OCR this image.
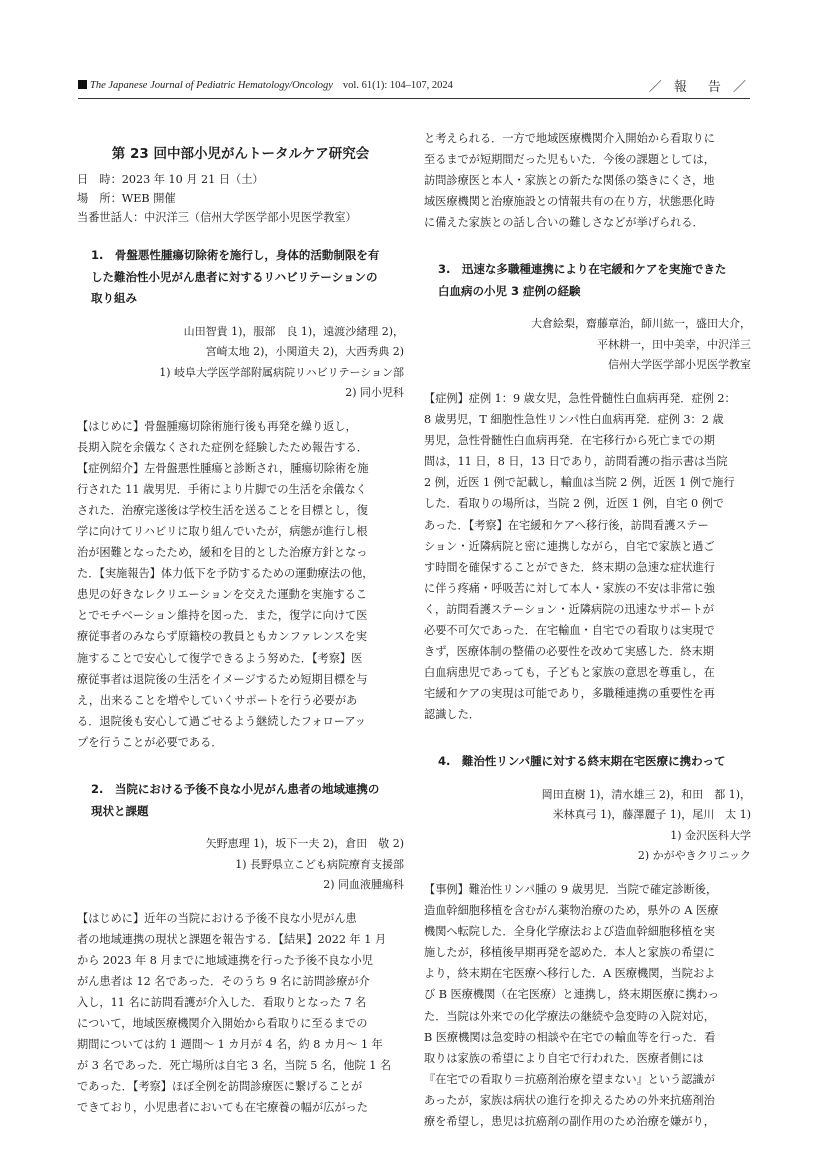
The Japanese Journal of Pediatric Hematology/Oncology vol. 61(1): 104–107, 2024	／ 報　告 ／
第 23 回中部小児がんトータルケア研究会
日　時：2023 年 10 月 21 日（土）
場　所：WEB 開催
当番世話人：中沢洋三（信州大学医学部小児医学教室）
1.　骨盤悪性腫瘍切除術を施行し，身体的活動制限を有
した難治性小児がん患者に対するリハビリテーションの
取り組み
山田智貴 1)，服部　良 1)，遠渡沙緒理 2)，
宮崎太地 2)，小関道夫 2)，大西秀典 2)
1) 岐阜大学医学部附属病院リハビリテーション部
2) 同小児科
【はじめに】骨盤腫瘍切除術施行後も再発を繰り返し，
長期入院を余儀なくされた症例を経験したため報告する．
【症例紹介】左骨盤悪性腫瘍と診断され，腫瘍切除術を施
行された 11 歳男児．手術により片脚での生活を余儀なく
された．治療完遂後は学校生活を送ることを目標とし，復
学に向けてリハビリに取り組んでいたが，病態が進行し根
治が困難となったため，緩和を目的とした治療方針となっ
た．【実施報告】体力低下を予防するための運動療法の他，
患児の好きなレクリエーションを交えた運動を実施するこ
とでモチベーション維持を図った．また，復学に向けて医
療従事者のみならず原籍校の教員ともカンファレンスを実
施することで安心して復学できるよう努めた．【考察】医
療従事者は退院後の生活をイメージするため短期目標を与
え，出来ることを増やしていくサポートを行う必要があ
る．退院後も安心して過ごせるよう継続したフォローアッ
プを行うことが必要である．
2.　当院における予後不良な小児がん患者の地域連携の
現状と課題
矢野恵理 1)，坂下一夫 2)，倉田　敬 2)
1) 長野県立こども病院療育支援部
2) 同血液腫瘍科
【はじめに】近年の当院における予後不良な小児がん患
者の地域連携の現状と課題を報告する．【結果】2022 年 1 月
から 2023 年 8 月までに地域連携を行った予後不良な小児
がん患者は 12 名であった．そのうち 9 名に訪問診療が介
入し，11 名に訪問看護が介入した．看取りとなった 7 名
について，地域医療機関介入開始から看取りに至るまでの
期間については約 1 週間～ 1 カ月が 4 名，約 8 カ月～ 1 年
が 3 名であった．死亡場所は自宅 3 名，当院 5 名，他院 1 名
であった．【考察】ほぼ全例を訪問診療医に繋げることが
できており，小児患者においても在宅療養の幅が広がった
と考えられる．一方で地域医療機関介入開始から看取りに
至るまでが短期間だった児もいた．今後の課題としては，
訪問診療医と本人・家族との新たな関係の築きにくさ，地
域医療機関と治療施設との情報共有の在り方，状態悪化時
に備えた家族との話し合いの難しさなどが挙げられる．
3.　迅速な多職種連携により在宅緩和ケアを実施できた
白血病の小児 3 症例の経験
大倉絵梨，齋藤章治，師川紘一，盛田大介，
平林耕一，田中美幸，中沢洋三
信州大学医学部小児医学教室
【症例】症例 1：9 歳女児，急性骨髄性白血病再発．症例 2：
8 歳男児，T 細胞性急性リンパ性白血病再発．症例 3：2 歳
男児，急性骨髄性白血病再発．在宅移行から死亡までの期
間は，11 日，8 日，13 日であり，訪問看護の指示書は当院
2 例，近医 1 例で記載し，輸血は当院 2 例，近医 1 例で施行
した．看取りの場所は，当院 2 例，近医 1 例，自宅 0 例で
あった．【考察】在宅緩和ケアへ移行後，訪問看護ステー
ション・近隣病院と密に連携しながら，自宅で家族と過ご
す時間を確保することができた．終末期の急速な症状進行
に伴う疼痛・呼吸苦に対して本人・家族の不安は非常に強
く，訪問看護ステーション・近隣病院の迅速なサポートが
必要不可欠であった．在宅輸血・自宅での看取りは実現で
きず，医療体制の整備の必要性を改めて実感した．終末期
白血病患児であっても，子どもと家族の意思を尊重し，在
宅緩和ケアの実現は可能であり，多職種連携の重要性を再
認識した．
4.　難治性リンパ腫に対する終末期在宅医療に携わって
岡田直樹 1)，清水雄三 2)，和田　都 1)，
米林真弓 1)，藤澤麗子 1)，尾川　太 1)
1) 金沢医科大学
2) かがやきクリニック
【事例】難治性リンパ腫の 9 歳男児．当院で確定診断後，
造血幹細胞移植を含むがん薬物治療のため，県外の A 医療
機関へ転院した．全身化学療法および造血幹細胞移植を実
施したが，移植後早期再発を認めた．本人と家族の希望に
より，終末期在宅医療へ移行した．A 医療機関，当院およ
び B 医療機関（在宅医療）と連携し，終末期医療に携わっ
た．当院は外来での化学療法の継続や急変時の入院対応，
B 医療機関は急変時の相談や在宅での輸血等を行った．看
取りは家族の希望により自宅で行われた．医療者側には
『在宅での看取り＝抗癌剤治療を望まない』という認識が
あったが，家族は病状の進行を抑えるための外来抗癌剤治
療を希望し，患児は抗癌剤の副作用のため治療を嫌がり，
